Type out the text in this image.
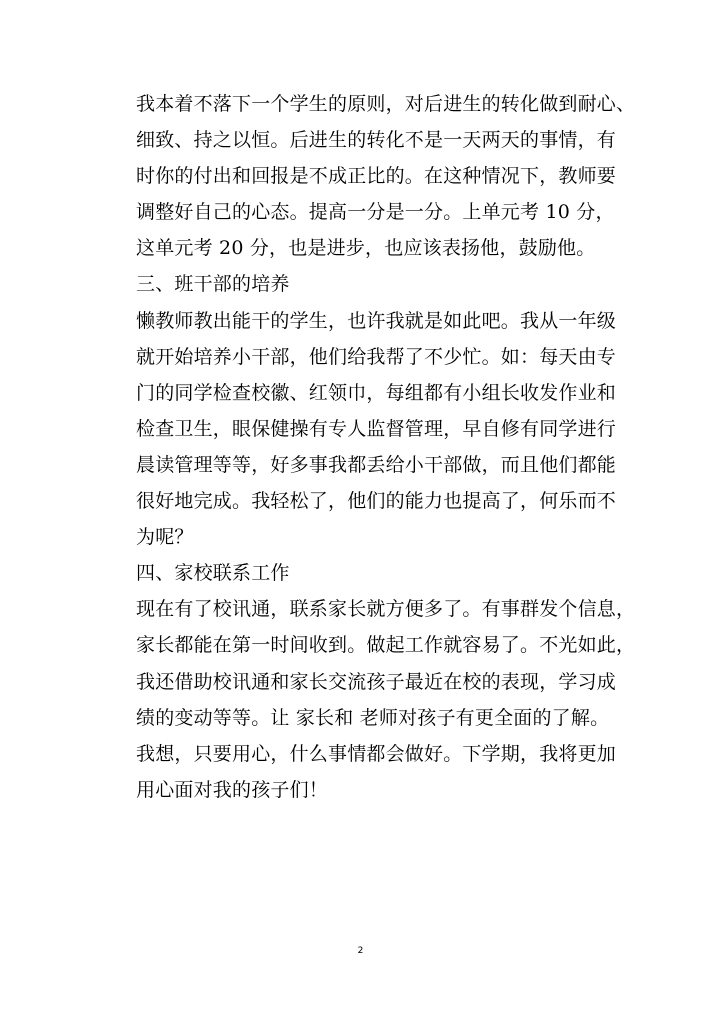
我本着不落下一个学生的原则，对后进生的转化做到耐心、
细致、持之以恒。后进生的转化不是一天两天的事情，有
时你的付出和回报是不成正比的。在这种情况下，教师要
调整好自己的心态。提高一分是一分。上单元考 10 分，
这单元考 20 分，也是进步，也应该表扬他，鼓励他。
三、班干部的培养
懒教师教出能干的学生，也许我就是如此吧。我从一年级
就开始培养小干部，他们给我帮了不少忙。如：每天由专
门的同学检查校徽、红领巾，每组都有小组长收发作业和
检查卫生，眼保健操有专人监督管理，早自修有同学进行
晨读管理等等，好多事我都丢给小干部做，而且他们都能
很好地完成。我轻松了，他们的能力也提高了，何乐而不
为呢？
四、家校联系工作
现在有了校讯通，联系家长就方便多了。有事群发个信息，
家长都能在第一时间收到。做起工作就容易了。不光如此，
我还借助校讯通和家长交流孩子最近在校的表现，学习成
绩的变动等等。让 家长和 老师对孩子有更全面的了解。
我想，只要用心，什么事情都会做好。下学期，我将更加
用心面对我的孩子们！
2
